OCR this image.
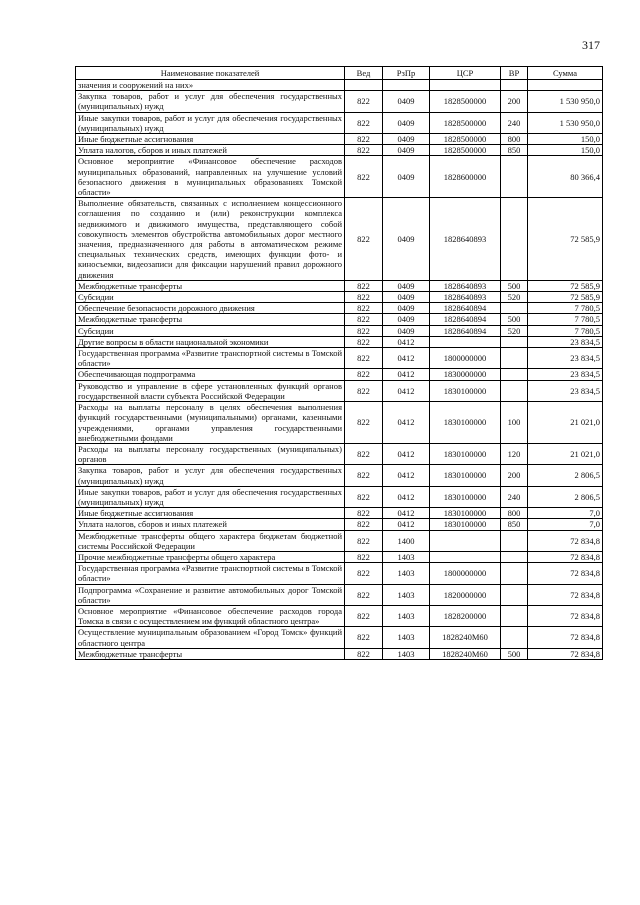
317
Наименование показателей	Вед	РзПр	ЦСР	ВР	Сумма
значения и сооружений на них»					
Закупка товаров, работ и услуг для обеспечения государственных (муниципальных) нужд	822	0409	1828500000	200	1 530 950,0
Иные закупки товаров, работ и услуг для обеспечения государственных (муниципальных) нужд	822	0409	1828500000	240	1 530 950,0
Иные бюджетные ассигнования	822	0409	1828500000	800	150,0
Уплата налогов, сборов и иных платежей	822	0409	1828500000	850	150,0
Основное мероприятие «Финансовое обеспечение расходов муниципальных образований, направленных на улучшение условий безопасного движения в муниципальных образованиях Томской области»	822	0409	1828600000		80 366,4
Выполнение обязательств, связанных с исполнением концессионного соглашения по созданию и (или) реконструкции комплекса недвижимого и движимого имущества, представляющего собой совокупность элементов обустройства автомобильных дорог местного значения, предназначенного для работы в автоматическом режиме специальных технических средств, имеющих функции фото- и киносъемки, видеозаписи для фиксации нарушений правил дорожного движения	822	0409	1828640893		72 585,9
Межбюджетные трансферты	822	0409	1828640893	500	72 585,9
Субсидии	822	0409	1828640893	520	72 585,9
Обеспечение безопасности дорожного движения	822	0409	1828640894		7 780,5
Межбюджетные трансферты	822	0409	1828640894	500	7 780,5
Субсидии	822	0409	1828640894	520	7 780,5
Другие вопросы в области национальной экономики	822	0412			23 834,5
Государственная программа «Развитие транспортной системы в Томской области»	822	0412	1800000000		23 834,5
Обеспечивающая подпрограмма	822	0412	1830000000		23 834,5
Руководство и управление в сфере установленных функций органов государственной власти субъекта Российской Федерации	822	0412	1830100000		23 834,5
Расходы на выплаты персоналу в целях обеспечения выполнения функций государственными (муниципальными) органами, казенными учреждениями, органами управления государственными внебюджетными фондами	822	0412	1830100000	100	21 021,0
Расходы на выплаты персоналу государственных (муниципальных) органов	822	0412	1830100000	120	21 021,0
Закупка товаров, работ и услуг для обеспечения государственных (муниципальных) нужд	822	0412	1830100000	200	2 806,5
Иные закупки товаров, работ и услуг для обеспечения государственных (муниципальных) нужд	822	0412	1830100000	240	2 806,5
Иные бюджетные ассигнования	822	0412	1830100000	800	7,0
Уплата налогов, сборов и иных платежей	822	0412	1830100000	850	7,0
Межбюджетные трансферты общего характера бюджетам бюджетной системы Российской Федерации	822	1400			72 834,8
Прочие межбюджетные трансферты общего характера	822	1403			72 834,8
Государственная программа «Развитие транспортной системы в Томской области»	822	1403	1800000000		72 834,8
Подпрограмма «Сохранение и развитие автомобильных дорог Томской области»	822	1403	1820000000		72 834,8
Основное мероприятие «Финансовое обеспечение расходов города Томска в связи с осуществлением им функций областного центра»	822	1403	1828200000		72 834,8
Осуществление муниципальным образованием «Город Томск» функций областного центра	822	1403	1828240М60		72 834,8
Межбюджетные трансферты	822	1403	1828240М60	500	72 834,8
